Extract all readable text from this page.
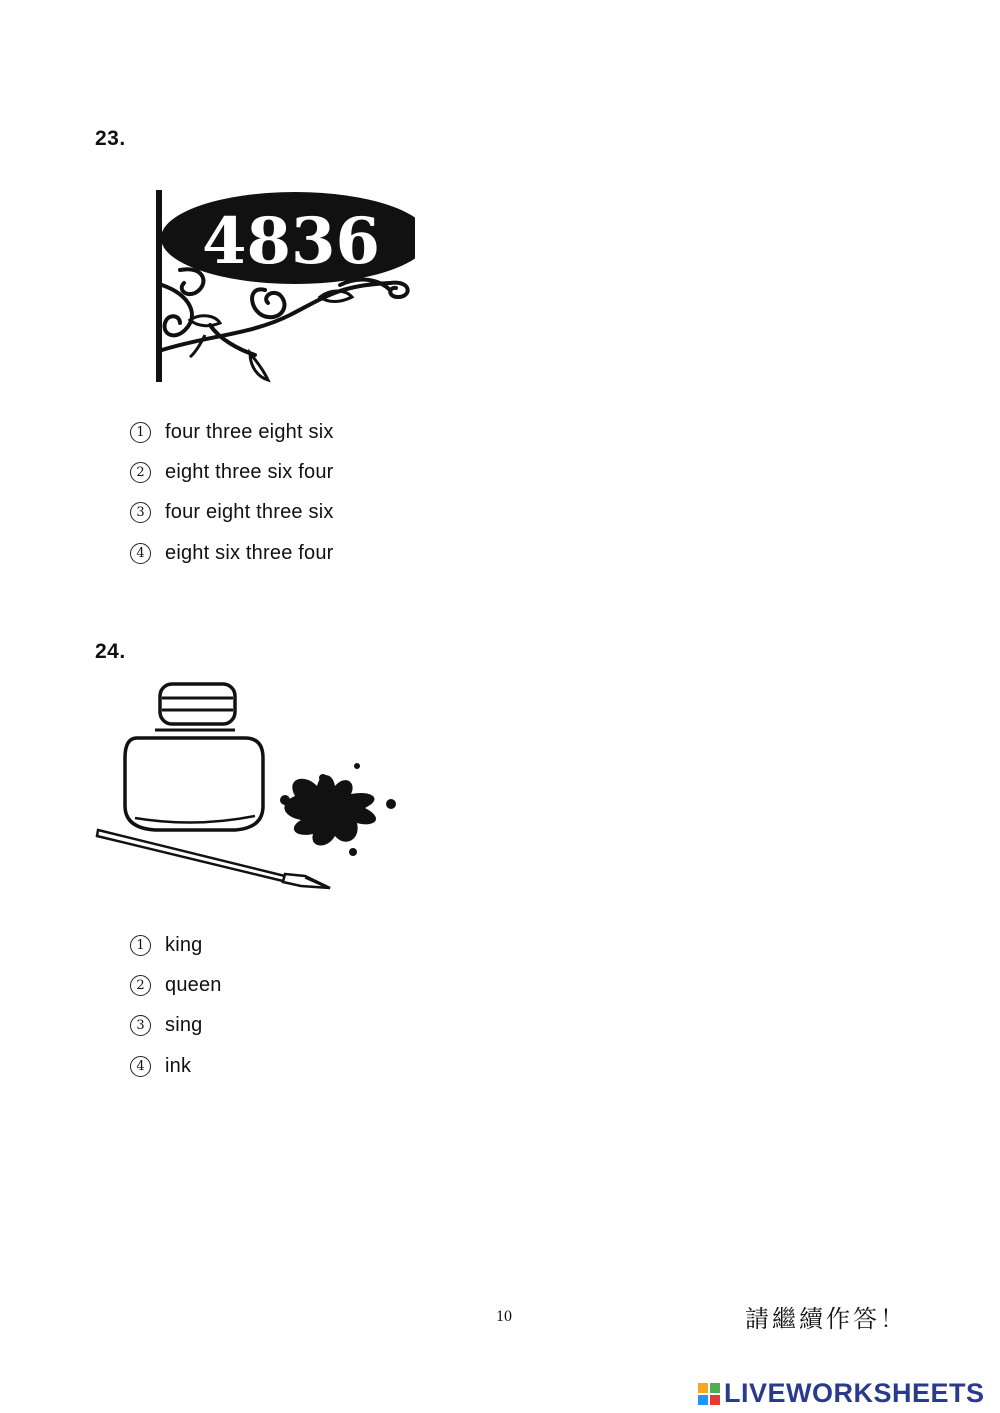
23.
4836
1	four three eight six
2	eight three six four
3	four eight three six
4	eight six three four
24.
1	king
2	queen
3	sing
4	ink
10	請繼續作答！
LIVEWORKSHEETS
